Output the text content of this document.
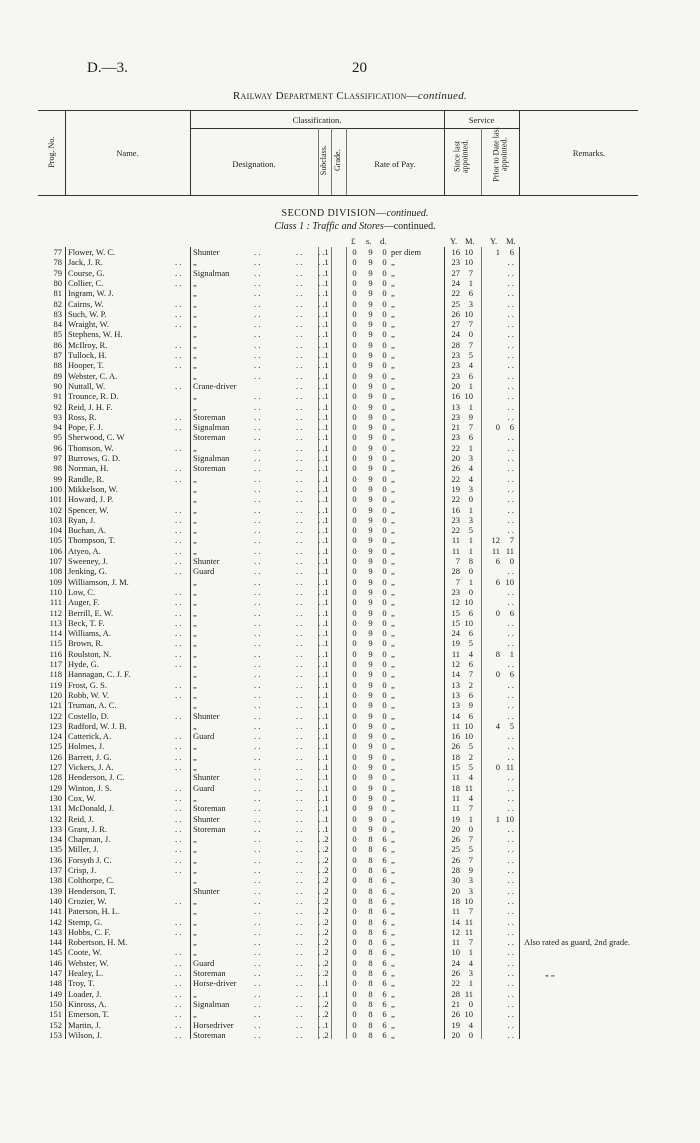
D.—3.	20
Railway Department Classification—continued.
Prog. No.	Name.
Classification.
Designation.	Subclass. Grade.	Rate of Pay.
Service
Since last appointed.	Prior to Date last appointed.	Remarks.
SECOND DIVISION—continued.
Class 1 : Traffic and Stores—continued.
£ s. d.	Y. M. Y. M.
77 Flower, W. C.	Shunter	. .	. . . . 1	0 9 0 per diem	16 10	1	6
78 Jack, J. R.	. . „	. .	. . . . 1	0 9 0 „	23 10	. .
79 Course, G.	. . Signalman	. .	. . . . 1	0 9 0 „	27	7	. .
80 Collier, C.	. . „	. .	. . . . 1	0 9 0 „	24	1	. .
81 Ingram, W. J.	„	. .	. . . . 1	0 9 0 „	22	6	. .
82 Cairns, W.	. . „	. .	. . . . 1	0 9 0 „	25	3	. .
83 Such, W. P.	. . „	. .	. . . . 1	0 9 0 „	26 10	. .
84 Wraight, W.	. . „	. .	. . . . 1	0 9 0 „	27	7	. .
85 Stephens, W. H.	„	. .	. . . . 1	0 9 0 „	24	0	. .
86 McIlroy, R.	. . „	. .	. . . . 1	0 9 0 „	28	7	. .
87 Tullock, H.	. . „	. .	. . . . 1	0 9 0 „	23	5	. .
88 Hooper, T.	. . „	. .	. . . . 1	0 9 0 „	23	4	. .
89 Webster, C. A.	„	. .	. . . . 1	0 9 0 „	23	6	. .
90 Nuttall, W.	. . Crane-driver	. . . . 1	0 9 0 „	20	1	. .
91 Trounce, R. D.	„	. .	. . . . 1	0 9 0 „	16 10	. .
92 Reid, J. H. F.	„	. .	. . . . 1	0 9 0 „	13	1	. .
93 Ross, R.	. . Storeman	. .	. . . . 1	0 9 0 „	23	9	. .
94 Pope, F. J.	. . Signalman	. .	. . . . 1	0 9 0 „	21	7	0	6
95 Sherwood, C. W	Storeman	. .	. . . . 1	0 9 0 „	23	6	. .
96 Thomson, W.	. . „	. .	. . . . 1	0 9 0 „	22	1	. .
97 Burrows, G. D.	Signalman	. .	. . . . 1	0 9 0 „	20	3	. .
98 Norman, H.	. . Storeman	. .	. . . . 1	0 9 0 „	26	4	. .
99 Randle, R.	. . „	. .	. . . . 1	0 9 0 „	22	4	. .
100 Mikkelson, W.	„	. .	. . . . 1	0 9 0 „	19	3	. .
101 Howard, J. P.	„	. .	. . . . 1	0 9 0 „	22	0	. .
102 Spencer, W.	. . „	. .	. . . . 1	0 9 0 „	16	1	. .
103 Ryan, J.	. . „	. .	. . . . 1	0 9 0 „	23	3	. .
104 Buchan, A.	. . „	. .	. . . . 1	0 9 0 „	22	5	. .
105 Thompson, T.	. . „	. .	. . . . 1	0 9 0 „	11	1	12	7
106 Atyeo, A.	. . „	. .	. . . . 1	0 9 0 „	11	1	11 11
107 Sweeney, J.	. . Shunter	. .	. . . . 1	0 9 0 „	7	8	6	0
108 Jenking, G.	. . Guard	. .	. . . . 1	0 9 0 „	28	0	. .
109 Williamson, J. M.	„	. .	. . . . 1	0 9 0 „	7	1	6 10
110 Low, C.	. . „	. .	. . . . 1	0 9 0 „	23	0	. .
111 Auger, F.	. . „	. .	. . . . 1	0 9 0 „	12 10	. .
112 Berrill, E. W.	. . „	. .	. . . . 1	0 9 0 „	15	6	0	6
113 Beck, T. F.	. . „	. .	. . . . 1	0 9 0 „	15 10	. .
114 Williams, A.	. . „	. .	. . . . 1	0 9 0 „	24	6	. .
115 Brown, R.	. . „	. .	. . . . 1	0 9 0 „	19	5	. .
116 Roulston, N.	. . „	. .	. . . . 1	0 9 0 „	11	4	8	1
117 Hyde, G.	. . „	. .	. . . . 1	0 9 0 „	12	6	. .
118 Hannagan, C. J. F.	„	. .	. . . . 1	0 9 0 „	14	7	0	6
119 Frost, G. S.	. . „	. .	. . . . 1	0 9 0 „	13	2	. .
120 Robb, W. V.	. . „	. .	. . . . 1	0 9 0 „	13	6	. .
121 Truman, A. C.	„	. .	. . . . 1	0 9 0 „	13	9	. .
122 Costello, D.	. . Shunter	. .	. . . . 1	0 9 0 „	14	6	. .
123 Radford, W. J. B.	„	. .	. . . . 1	0 9 0 „	11 10	4	5
124 Catterick, A.	. . Guard	. .	. . . . 1	0 9 0 „	16 10	. .
125 Holmes, J.	. . „	. .	. . . . 1	0 9 0 „	26	5	. .
126 Barrett, J. G.	. . „	. .	. . . . 1	0 9 0 „	18	2	. .
127 Vickers, J. A.	. . „	. .	. . . . 1	0 9 0 „	15	5	0 11
128 Henderson, J. C.	Shunter	. .	. . . . 1	0 9 0 „	11	4	. .
129 Winton, J. S.	. . Guard	. .	. . . . 1	0 9 0 „	18 11	. .
130 Cox, W.	. . „	. .	. . . . 1	0 9 0 „	11	4	. .
131 McDonald, J.	. . Storeman	. .	. . . . 1	0 9 0 „	11	7	. .
132 Reid, J.	. . Shunter	. .	. . . . 1	0 9 0 „	19	1	1 10
133 Grant, J. R.	. . Storeman	. .	. . . . 1	0 9 0 „	20	0	. .
134 Chapman, J.	. . „	. .	. . . . 2	0 8 6 „	26	7	. .
135 Miller, J.	. . „	. .	. . . . 2	0 8 6 „	25	5	. .
136 Forsyth J. C.	. . „	. .	. . . . 2	0 8 6 „	26	7	. .
137 Crisp, J.	. . „	. .	. . . . 2	0 8 6 „	28	9	. .
138 Colthorpe, C.	„	. .	. . . . 2	0 8 6 „	30	3	. .
139 Henderson, T.	Shunter	. .	. . . . 2	0 8 6 „	20	3	. .
140 Crozier, W.	. . „	. .	. . . . 2	0 8 6 „	18 10	. .
141 Paterson, H. L.	„	. .	. . . . 2	0 8 6 „	11	7	. .
142 Stemp, G.	. . „	. .	. . . . 2	0 8 6 „	14 11	. .
143 Hobbs, C. F.	. . „	. .	. . . . 2	0 8 6 „	12 11	. .
144 Robertson, H. M.	„	. .	. . . . 2	0 8 6 „	11	7	. . Also rated as guard, 2nd grade.
145 Coote, W.	. . „	. .	. . . . 2	0 8 6 „	10	1	. .
146 Webster, W.	. . Guard	. .	. . . . 2	0 8 6 „	24	4	. .
147 Healey, L.	. . Storeman	. .	. . . . 2	0 8 6 „	26	3	. .	„ „
148 Troy, T.	. . Horse-driver . .	. . . . 1	0 8 6 „	22	1	. .
149 Loader, J.	. . „	. .	. . . . 1	0 8 6 „	28 11	. .
150 Kinross, A.	. . Signalman	. .	. . . . 2	0 8 6 „	21	0	. .
151 Emerson, T.	. . „	. .	. . . . 2	0 8 6 „	26 10	. .
152 Martin, J.	. . Horsedriver . .	. . . . 1	0 8 6 „	19	4	. .
153 Wilson, J.	. . Storeman	. .	. . . . 2	0 8 6 „	20	0	. .
